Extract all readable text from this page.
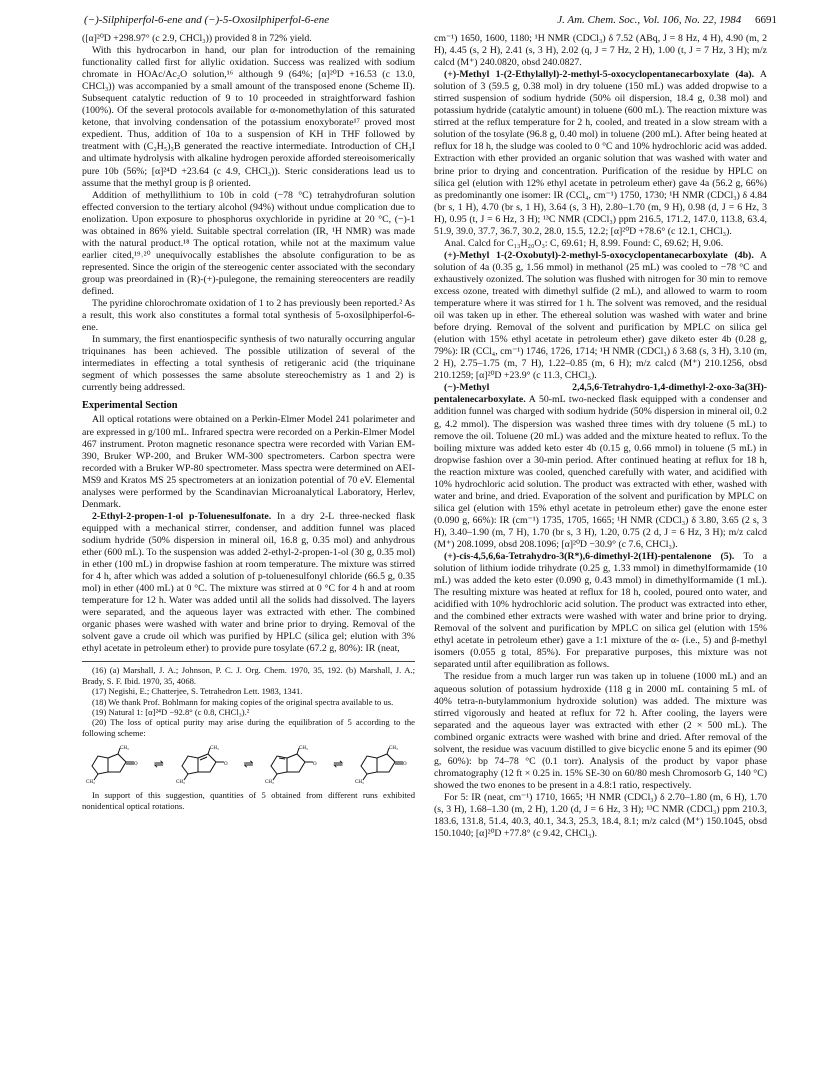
(−)-Silphiperfol-6-ene and (−)-5-Oxosilphiperfol-6-ene	J. Am. Chem. Soc., Vol. 106, No. 22, 1984 6691

([α]²⁰D +298.97° (c 2.9, CHCl₃)) provided 8 in 72% yield.

With this hydrocarbon in hand, our plan for introduction of the remaining functionality called first for allylic oxidation. Success was realized with sodium chromate in HOAc/Ac₂O solution,¹⁶ although 9 (64%; [α]²⁰D +16.53 (c 13.0, CHCl₃)) was accompanied by a small amount of the transposed enone (Scheme II). Subsequent catalytic reduction of 9 to 10 proceeded in straightforward fashion (100%). Of the several protocols available for α-monomethylation of this saturated ketone, that involving condensation of the potassium enoxyborate¹⁷ proved most expedient. Thus, addition of 10a to a suspension of KH in THF followed by treatment with (C₂H₅)₃B generated the reactive intermediate. Introduction of CH₃I and ultimate hydrolysis with alkaline hydrogen peroxide afforded stereoisomerically pure 10b (56%; [α]²⁴D +23.64 (c 4.9, CHCl₃)). Steric considerations lead us to assume that the methyl group is β oriented.

Addition of methyllithium to 10b in cold (−78 °C) tetrahydrofuran solution effected conversion to the tertiary alcohol (94%) without undue complication due to enolization. Upon exposure to phosphorus oxychloride in pyridine at 20 °C, (−)-1 was obtained in 86% yield. Suitable spectral correlation (IR, ¹H NMR) was made with the natural product.¹⁸ The optical rotation, while not at the maximum value earlier cited,¹⁹˒²⁰ unequivocally establishes the absolute configuration to be as represented. Since the origin of the stereogenic center associated with the secondary group was preordained in (R)-(+)-pulegone, the remaining stereocenters are readily defined.

The pyridine chlorochromate oxidation of 1 to 2 has previously been reported.² As a result, this work also constitutes a formal total synthesis of 5-oxosilphiperfol-6-ene.

In summary, the first enantiospecific synthesis of two naturally occurring angular triquinanes has been achieved. The possible utilization of several of the intermediates in effecting a total synthesis of retigeranic acid (the triquinane segment of which possesses the same absolute stereochemistry as 1 and 2) is currently being addressed.

Experimental Section

All optical rotations were obtained on a Perkin-Elmer Model 241 polarimeter and are expressed in g/100 mL. Infrared spectra were recorded on a Perkin-Elmer Model 467 instrument. Proton magnetic resonance spectra were recorded with Varian EM-390, Bruker WP-200, and Bruker WM-300 spectrometers. Carbon spectra were recorded with a Bruker WP-80 spectrometer. Mass spectra were determined on AEI-MS9 and Kratos MS 25 spectrometers at an ionization potential of 70 eV. Elemental analyses were performed by the Scandinavian Microanalytical Laboratory, Herlev, Denmark.

2-Ethyl-2-propen-1-ol p-Toluenesulfonate. In a dry 2-L three-necked flask equipped with a mechanical stirrer, condenser, and addition funnel was placed sodium hydride (50% dispersion in mineral oil, 16.8 g, 0.35 mol) and anhydrous ether (600 mL). To the suspension was added 2-ethyl-2-propen-1-ol (30 g, 0.35 mol) in ether (100 mL) in dropwise fashion at room temperature. The mixture was stirred for 4 h, after which was added a solution of p-toluenesulfonyl chloride (66.5 g, 0.35 mol) in ether (400 mL) at 0 °C. The mixture was stirred at 0 °C for 4 h and at room temperature for 12 h. Water was added until all the solids had dissolved. The layers were separated, and the aqueous layer was extracted with ether. The combined organic phases were washed with water and brine prior to drying. Removal of the solvent gave a crude oil which was purified by HPLC (silica gel; elution with 3% ethyl acetate in petroleum ether) to provide pure tosylate (67.2 g, 80%): IR (neat,

(16) (a) Marshall, J. A.; Johnson, P. C. J. Org. Chem. 1970, 35, 192. (b) Marshall, J. A.; Brady, S. F. Ibid. 1970, 35, 4068.

(17) Negishi, E.; Chatterjee, S. Tetrahedron Lett. 1983, 1341.

(18) We thank Prof. Bohlmann for making copies of the original spectra available to us.

(19) Natural 1: [α]²⁴D −92.8° (c 0.8, CHCl₃).²

(20) The loss of optical purity may arise during the equilibration of 5 according to the following scheme:

O
CH₃
CH₃
⇌	O
CH₃
CH₃
⇌	O
CH₃
CH₃
⇌	O
CH₃
CH₃

In support of this suggestion, quantities of 5 obtained from different runs exhibited nonidentical optical rotations.

cm⁻¹) 1650, 1600, 1180; ¹H NMR (CDCl₃) δ 7.52 (ABq, J = 8 Hz, 4 H), 4.90 (m, 2 H), 4.45 (s, 2 H), 2.41 (s, 3 H), 2.02 (q, J = 7 Hz, 2 H), 1.00 (t, J = 7 Hz, 3 H); m/z calcd (M⁺) 240.0820, obsd 240.0827.

(+)-Methyl 1-(2-Ethylallyl)-2-methyl-5-oxocyclopentanecarboxylate (4a). A solution of 3 (59.5 g, 0.38 mol) in dry toluene (150 mL) was added dropwise to a stirred suspension of sodium hydride (50% oil dispersion, 18.4 g, 0.38 mol) and potassium hydride (catalytic amount) in toluene (600 mL). The reaction mixture was stirred at the reflux temperature for 2 h, cooled, and treated in a slow stream with a solution of the tosylate (96.8 g, 0.40 mol) in toluene (200 mL). After being heated at reflux for 18 h, the sludge was cooled to 0 °C and 10% hydrochloric acid was added. Extraction with ether provided an organic solution that was washed with water and brine prior to drying and concentration. Purification of the residue by HPLC on silica gel (elution with 12% ethyl acetate in petroleum ether) gave 4a (56.2 g, 66%) as predominantly one isomer: IR (CCl₄, cm⁻¹) 1750, 1730; ¹H NMR (CDCl₃) δ 4.84 (br s, 1 H), 4.70 (br s, 1 H), 3.64 (s, 3 H), 2.80–1.70 (m, 9 H), 0.98 (d, J = 6 Hz, 3 H), 0.95 (t, J = 6 Hz, 3 H); ¹³C NMR (CDCl₃) ppm 216.5, 171.2, 147.0, 113.8, 63.4, 51.9, 39.0, 37.7, 36.7, 30.2, 28.0, 15.5, 12.2; [α]²⁰D +78.6° (c 12.1, CHCl₃).

Anal. Calcd for C₁₃H₂₀O₃: C, 69.61; H, 8.99. Found: C, 69.62; H, 9.06.

(+)-Methyl 1-(2-Oxobutyl)-2-methyl-5-oxocyclopentanecarboxylate (4b). A solution of 4a (0.35 g, 1.56 mmol) in methanol (25 mL) was cooled to −78 °C and exhaustively ozonized. The solution was flushed with nitrogen for 30 min to remove excess ozone, treated with dimethyl sulfide (2 mL), and allowed to warm to room temperature where it was stirred for 1 h. The solvent was removed, and the residual oil was taken up in ether. The ethereal solution was washed with water and brine before drying. Removal of the solvent and purification by MPLC on silica gel (elution with 15% ethyl acetate in petroleum ether) gave diketo ester 4b (0.28 g, 79%): IR (CCl₄, cm⁻¹) 1746, 1726, 1714; ¹H NMR (CDCl₃) δ 3.68 (s, 3 H), 3.10 (m, 2 H), 2.75–1.75 (m, 7 H), 1.22–0.85 (m, 6 H); m/z calcd (M⁺) 210.1256, obsd 210.1259; [α]²⁰D +23.9° (c 11.3, CHCl₃).

(−)-Methyl 2,4,5,6-Tetrahydro-1,4-dimethyl-2-oxo-3a(3H)-pentalenecarboxylate. A 50-mL two-necked flask equipped with a condenser and addition funnel was charged with sodium hydride (50% dispersion in mineral oil, 0.2 g, 4.2 mmol). The dispersion was washed three times with dry toluene (5 mL) to remove the oil. Toluene (20 mL) was added and the mixture heated to reflux. To the boiling mixture was added keto ester 4b (0.15 g, 0.66 mmol) in toluene (5 mL) in dropwise fashion over a 30-min period. After continued heating at reflux for 18 h, the reaction mixture was cooled, quenched carefully with water, and acidified with 10% hydrochloric acid solution. The product was extracted with ether, washed with water and brine, and dried. Evaporation of the solvent and purification by MPLC on silica gel (elution with 15% ethyl acetate in petroleum ether) gave the enone ester (0.090 g, 66%): IR (cm⁻¹) 1735, 1705, 1665; ¹H NMR (CDCl₃) δ 3.80, 3.65 (2 s, 3 H), 3.40–1.90 (m, 7 H), 1.70 (br s, 3 H), 1.20, 0.75 (2 d, J = 6 Hz, 3 H); m/z calcd (M⁺) 208.1099, obsd 208.1096; [α]²⁰D −30.9° (c 7.6, CHCl₃).

(+)-cis-4,5,6,6a-Tetrahydro-3(R*),6-dimethyl-2(1H)-pentalenone (5). To a solution of lithium iodide trihydrate (0.25 g, 1.33 mmol) in dimethylformamide (10 mL) was added the keto ester (0.090 g, 0.43 mmol) in dimethylformamide (1 mL). The resulting mixture was heated at reflux for 18 h, cooled, poured onto water, and acidified with 10% hydrochloric acid solution. The product was extracted into ether, and the combined ether extracts were washed with water and brine prior to drying. Removal of the solvent and purification by MPLC on silica gel (elution with 15% ethyl acetate in petroleum ether) gave a 1:1 mixture of the α- (i.e., 5) and β-methyl isomers (0.055 g total, 85%). For preparative purposes, this mixture was not separated until after equilibration as follows.

The residue from a much larger run was taken up in toluene (1000 mL) and an aqueous solution of potassium hydroxide (118 g in 2000 mL containing 5 mL of 40% tetra-n-butylammonium hydroxide solution) was added. The mixture was stirred vigorously and heated at reflux for 72 h. After cooling, the layers were separated and the aqueous layer was extracted with ether (2 × 500 mL). The combined organic extracts were washed with brine and dried. After removal of the solvent, the residue was vacuum distilled to give bicyclic enone 5 and its epimer (90 g, 60%): bp 74–78 °C (0.1 torr). Analysis of the product by vapor phase chromatography (12 ft × 0.25 in. 15% SE-30 on 60/80 mesh Chromosorb G, 140 °C) showed the two enones to be present in a 4.8:1 ratio, respectively.

For 5: IR (neat, cm⁻¹) 1710, 1665; ¹H NMR (CDCl₃) δ 2.70–1.80 (m, 6 H), 1.70 (s, 3 H), 1.68–1.30 (m, 2 H), 1.20 (d, J = 6 Hz, 3 H); ¹³C NMR (CDCl₃) ppm 210.3, 183.6, 131.8, 51.4, 40.3, 40.1, 34.3, 25.3, 18.4, 8.1; m/z calcd (M⁺) 150.1045, obsd 150.1040; [α]²⁰D +77.8° (c 9.42, CHCl₃).
